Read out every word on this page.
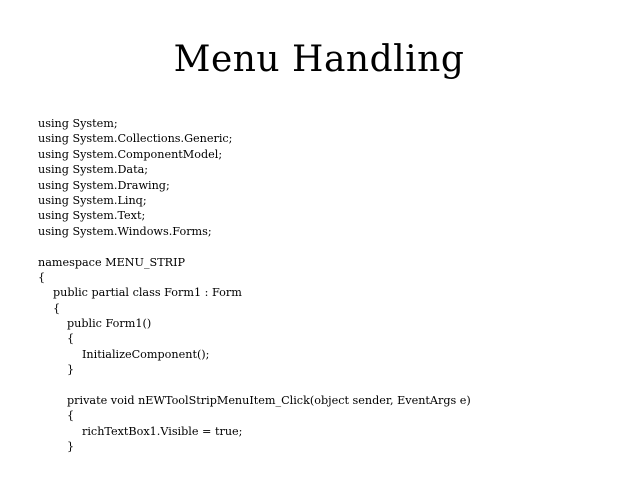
Menu Handling
using System;
using System.Collections.Generic;
using System.ComponentModel;
using System.Data;
using System.Drawing;
using System.Linq;
using System.Text;
using System.Windows.Forms;
namespace MENU_STRIP
{
public partial class Form1 : Form
{
public Form1()
{
InitializeComponent();
}
private void nEWToolStripMenuItem_Click(object sender, EventArgs e)
{
richTextBox1.Visible = true;
}
